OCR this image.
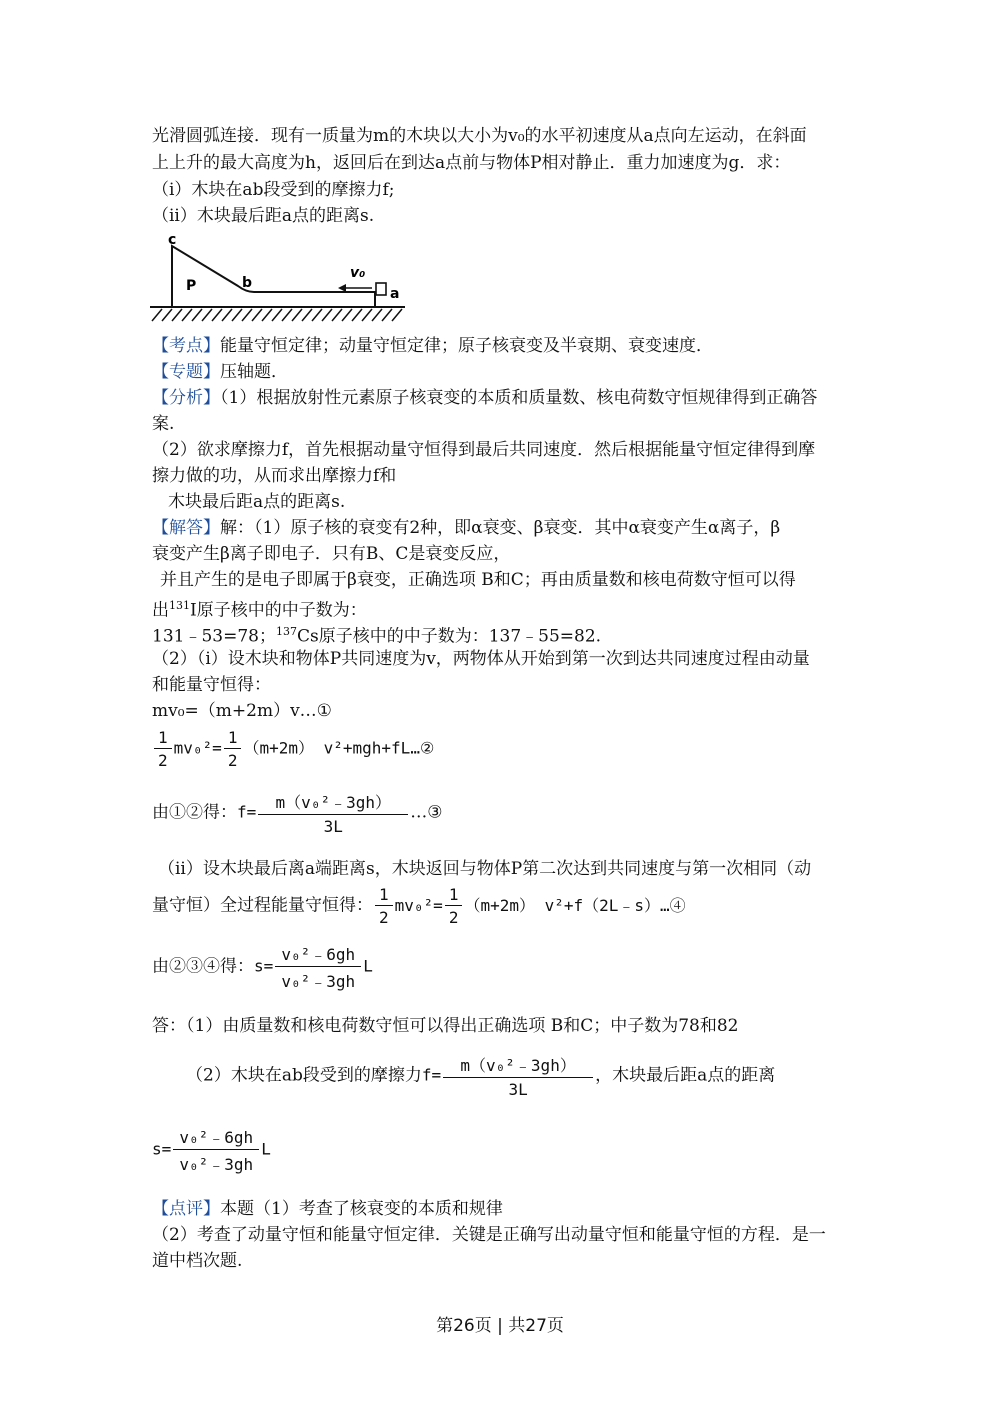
光滑圆弧连接．现有一质量为m的木块以大小为v₀的水平初速度从a点向左运动，在斜面
上上升的最大高度为h，返回后在到达a点前与物体P相对静止．重力加速度为g．求：
（i）木块在ab段受到的摩擦力f;
（ii）木块最后距a点的距离s.
c
P	b
v₀
a
【考点】能量守恒定律；动量守恒定律；原子核衰变及半衰期、衰变速度．
【专题】压轴题．
【分析】（1）根据放射性元素原子核衰变的本质和质量数、核电荷数守恒规律得到正确答
案.
（2）欲求摩擦力f，首先根据动量守恒得到最后共同速度．然后根据能量守恒定律得到摩
擦力做的功，从而求出摩擦力f和
木块最后距a点的距离s.
【解答】解：（1）原子核的衰变有2种，即α衰变、β衰变．其中α衰变产生α离子，β
衰变产生β离子即电子．只有B、C是衰变反应，
并且产生的是电子即属于β衰变，正确选项 B和C；再由质量数和核电荷数守恒可以得
出$^{131}$I原子核中的中子数为：
131﹣53=78；$^{137}$Cs原子核中的中子数为：137﹣55=82.
（2）（i）设木块和物体P共同速度为v，两物体从开始到第一次到达共同速度过程由动量
和能量守恒得：
mv₀=（m+2m）v…①
$\frac{1}{2} mv_0^2= \frac{1}{2} (m+2m)$ v²+mgh+fL…②
由①②得：$f= \frac{\text{m（v₀²﹣3gh）}}{3L}$ …③
（ii）设木块最后离a端距离s，木块返回与物体P第二次达到共同速度与第一次相同（动
量守恒）全过程能量守恒得： $\frac{1}{2} mv_0^2= \frac{1}{2} (m+2m)$ v²+f（2L﹣s）…④
由②③④得：$s= \frac{\text{v₀²﹣6gh}}{\text{v₀²﹣3gh}}$ L
答：（1）由质量数和核电荷数守恒可以得出正确选项 B和C；中子数为78和82
（2）木块在ab段受到的摩擦力$f= \frac{\text{m（v₀²﹣3gh）}}{3L}$ ，木块最后距a点的距离
$s= \frac{\text{v₀²﹣6gh}}{\text{v₀²﹣3gh}}$ L
【点评】本题（1）考查了核衰变的本质和规律
（2）考查了动量守恒和能量守恒定律．关键是正确写出动量守恒和能量守恒的方程．是一
道中档次题.
第26页 | 共27页
